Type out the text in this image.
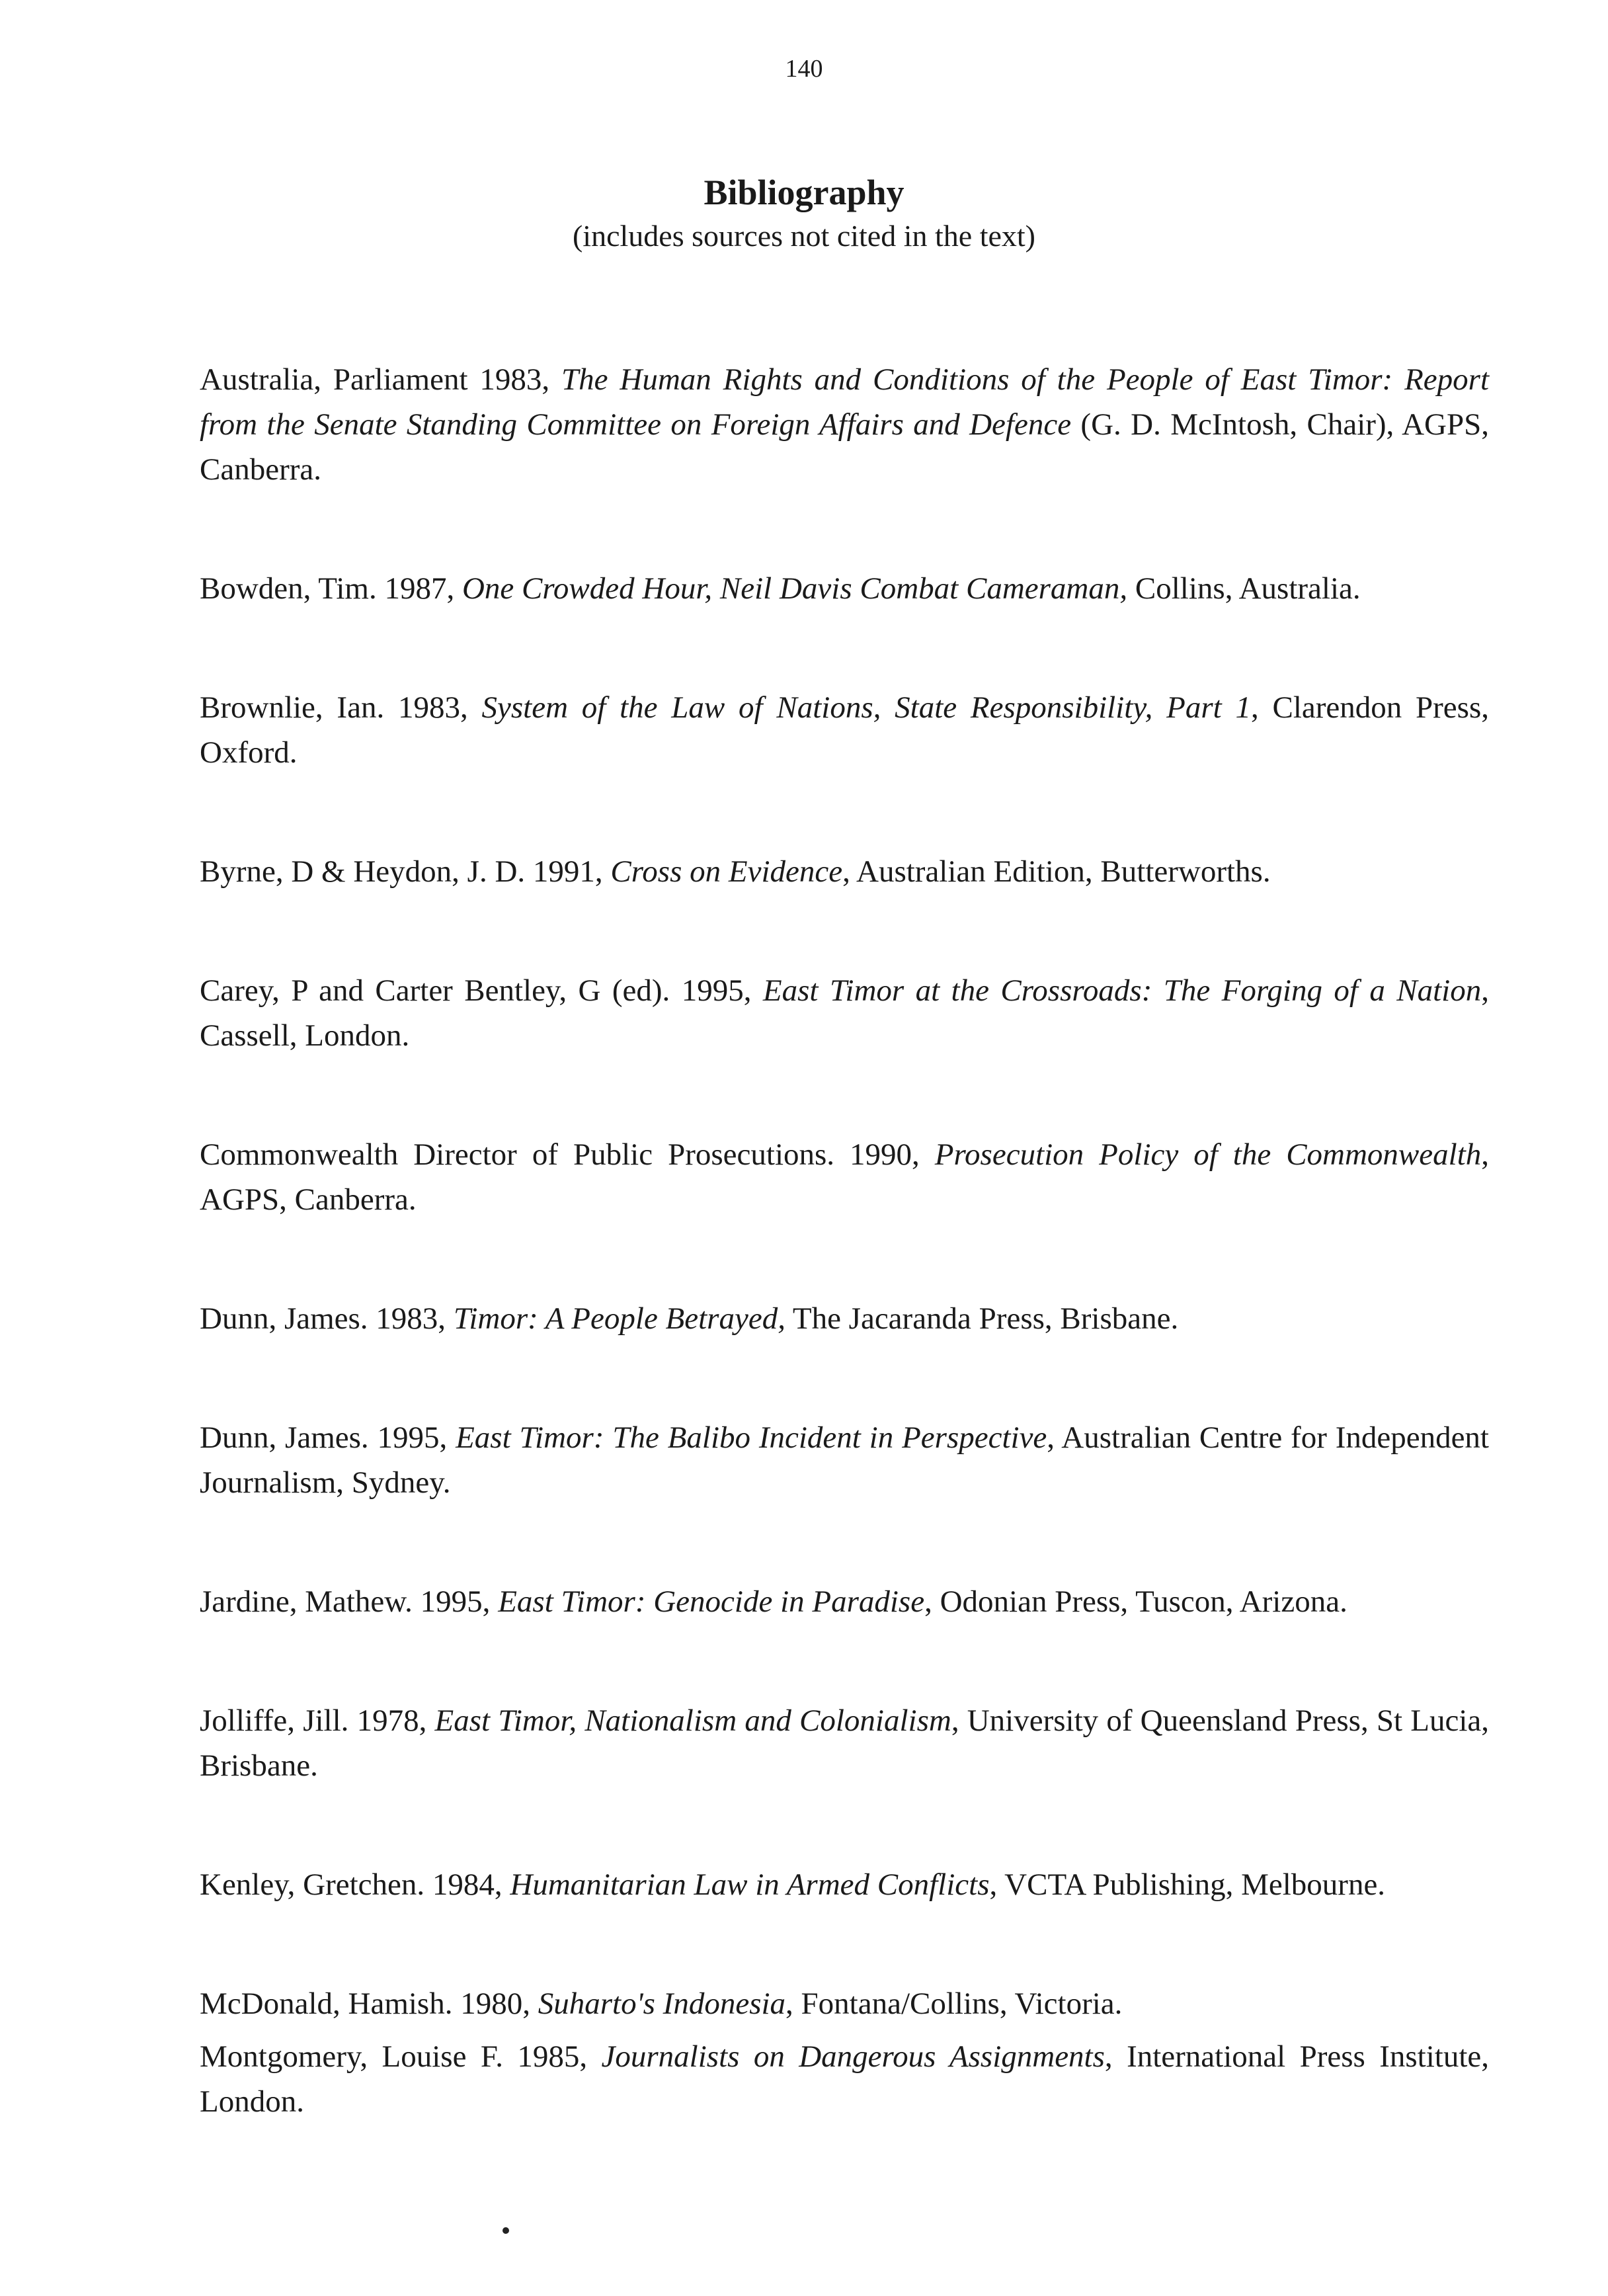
140
Bibliography
(includes sources not cited in the text)

Australia, Parliament 1983, The Human Rights and Conditions of the People of East Timor: Report from the Senate Standing Committee on Foreign Affairs and Defence (G. D. McIntosh, Chair), AGPS, Canberra.

Bowden, Tim. 1987, One Crowded Hour, Neil Davis Combat Cameraman, Collins, Australia.

Brownlie, Ian. 1983, System of the Law of Nations, State Responsibility, Part 1, Clarendon Press, Oxford.

Byrne, D & Heydon, J. D. 1991, Cross on Evidence, Australian Edition, Butterworths.

Carey, P and Carter Bentley, G (ed). 1995, East Timor at the Crossroads: The Forging of a Nation, Cassell, London.

Commonwealth Director of Public Prosecutions. 1990, Prosecution Policy of the Commonwealth, AGPS, Canberra.

Dunn, James. 1983, Timor: A People Betrayed, The Jacaranda Press, Brisbane.

Dunn, James. 1995, East Timor: The Balibo Incident in Perspective, Australian Centre for Independent Journalism, Sydney.

Jardine, Mathew. 1995, East Timor: Genocide in Paradise, Odonian Press, Tuscon, Arizona.

Jolliffe, Jill. 1978, East Timor, Nationalism and Colonialism, University of Queensland Press, St Lucia, Brisbane.

Kenley, Gretchen. 1984, Humanitarian Law in Armed Conflicts, VCTA Publishing, Melbourne.

McDonald, Hamish. 1980, Suharto's Indonesia, Fontana/Collins, Victoria.

Montgomery, Louise F. 1985, Journalists on Dangerous Assignments, International Press Institute, London.
